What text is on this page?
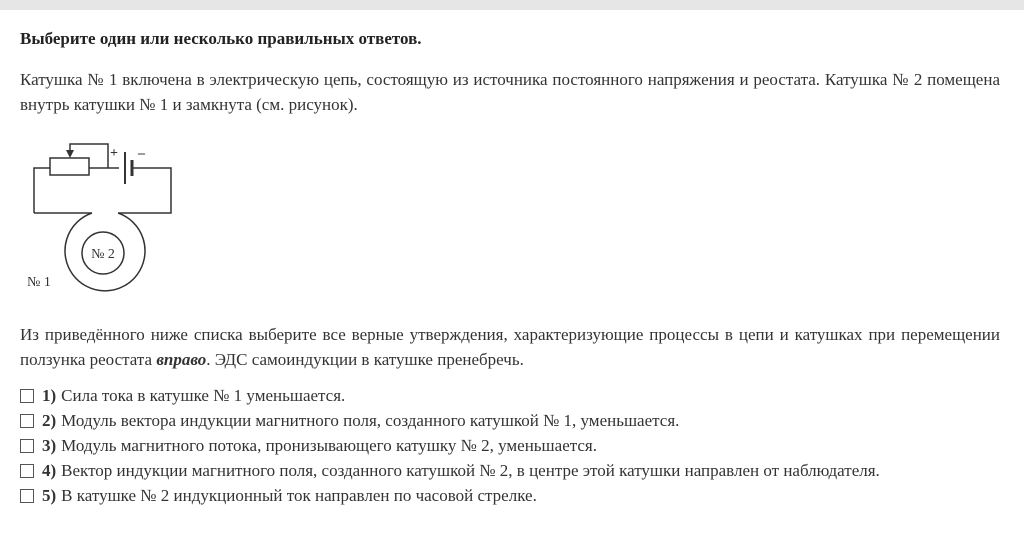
Выберите один или несколько правильных ответов.
Катушка № 1 включена в электрическую цепь, состоящую из источника постоянного напряжения и реостата. Катушка № 2 помещена внутрь катушки № 1 и замкнута (см. рисунок).
+ –
№ 2
№ 1
Из приведённого ниже списка выберите все верные утверждения, характеризующие процессы в цепи и катушках при перемещении ползунка реостата вправо. ЭДС самоиндукции в катушке пренебречь.
1) Сила тока в катушке № 1 уменьшается.
2) Модуль вектора индукции магнитного поля, созданного катушкой № 1, уменьшается.
3) Модуль магнитного потока, пронизывающего катушку № 2, уменьшается.
4) Вектор индукции магнитного поля, созданного катушкой № 2, в центре этой катушки направлен от наблюдателя.
5) В катушке № 2 индукционный ток направлен по часовой стрелке.
